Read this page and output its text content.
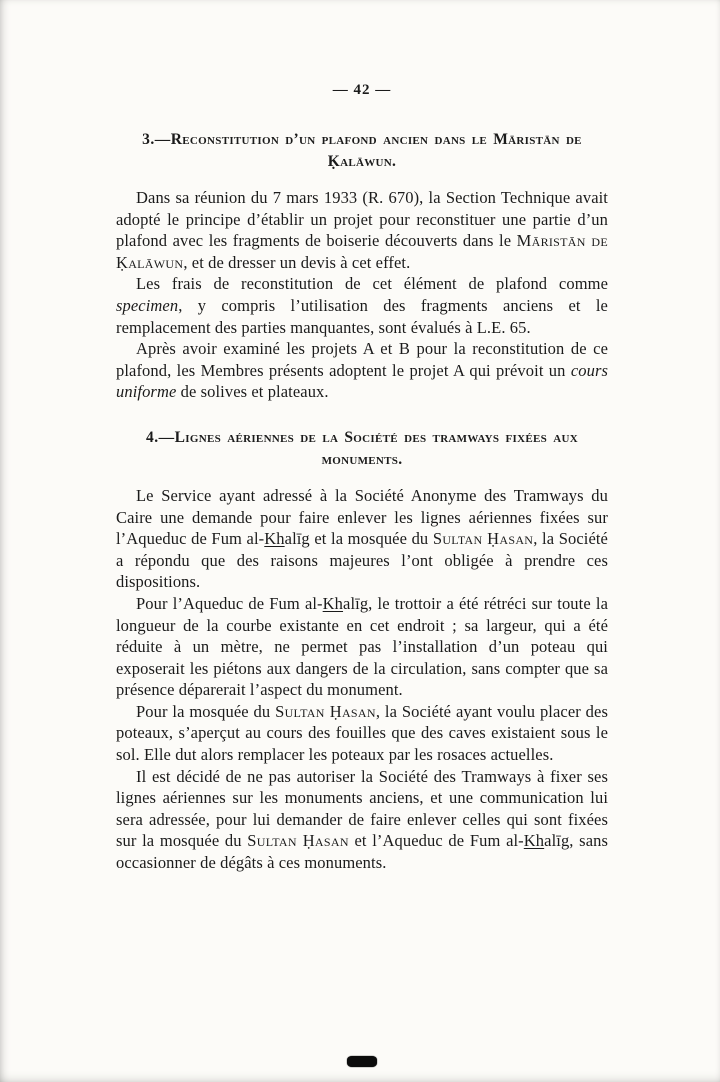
— 42 —
3.—Reconstitution d’un plafond ancien dans le Māristān de Ḳalāwun.

Dans sa réunion du 7 mars 1933 (R. 670), la Section Technique avait adopté le principe d’établir un projet pour reconstituer une partie d’un plafond avec les fragments de boiserie découverts dans le Māristān de Ḳalāwun, et de dresser un devis à cet effet.

Les frais de reconstitution de cet élément de plafond comme specimen, y compris l’utilisation des fragments anciens et le remplacement des parties manquantes, sont évalués à L.E. 65.

Après avoir examiné les projets A et B pour la reconstitution de ce plafond, les Membres présents adoptent le projet A qui prévoit un cours uniforme de solives et plateaux.

4.—Lignes aériennes de la Société des tramways fixées aux monuments.

Le Service ayant adressé à la Société Anonyme des Tramways du Caire une demande pour faire enlever les lignes aériennes fixées sur l’Aqueduc de Fum al-Khalīg et la mosquée du Sultan Ḥasan, la Société a répondu que des raisons majeures l’ont obligée à prendre ces dispositions.

Pour l’Aqueduc de Fum al-Khalīg, le trottoir a été rétréci sur toute la longueur de la courbe existante en cet endroit ; sa largeur, qui a été réduite à un mètre, ne permet pas l’installation d’un poteau qui exposerait les piétons aux dangers de la circulation, sans compter que sa présence déparerait l’aspect du monument.

Pour la mosquée du Sultan Ḥasan, la Société ayant voulu placer des poteaux, s’aperçut au cours des fouilles que des caves existaient sous le sol. Elle dut alors remplacer les poteaux par les rosaces actuelles.

Il est décidé de ne pas autoriser la Société des Tramways à fixer ses lignes aériennes sur les monuments anciens, et une communication lui sera adressée, pour lui demander de faire enlever celles qui sont fixées sur la mosquée du Sultan Ḥasan et l’Aqueduc de Fum al-Khalīg, sans occasionner de dégâts à ces monuments.
